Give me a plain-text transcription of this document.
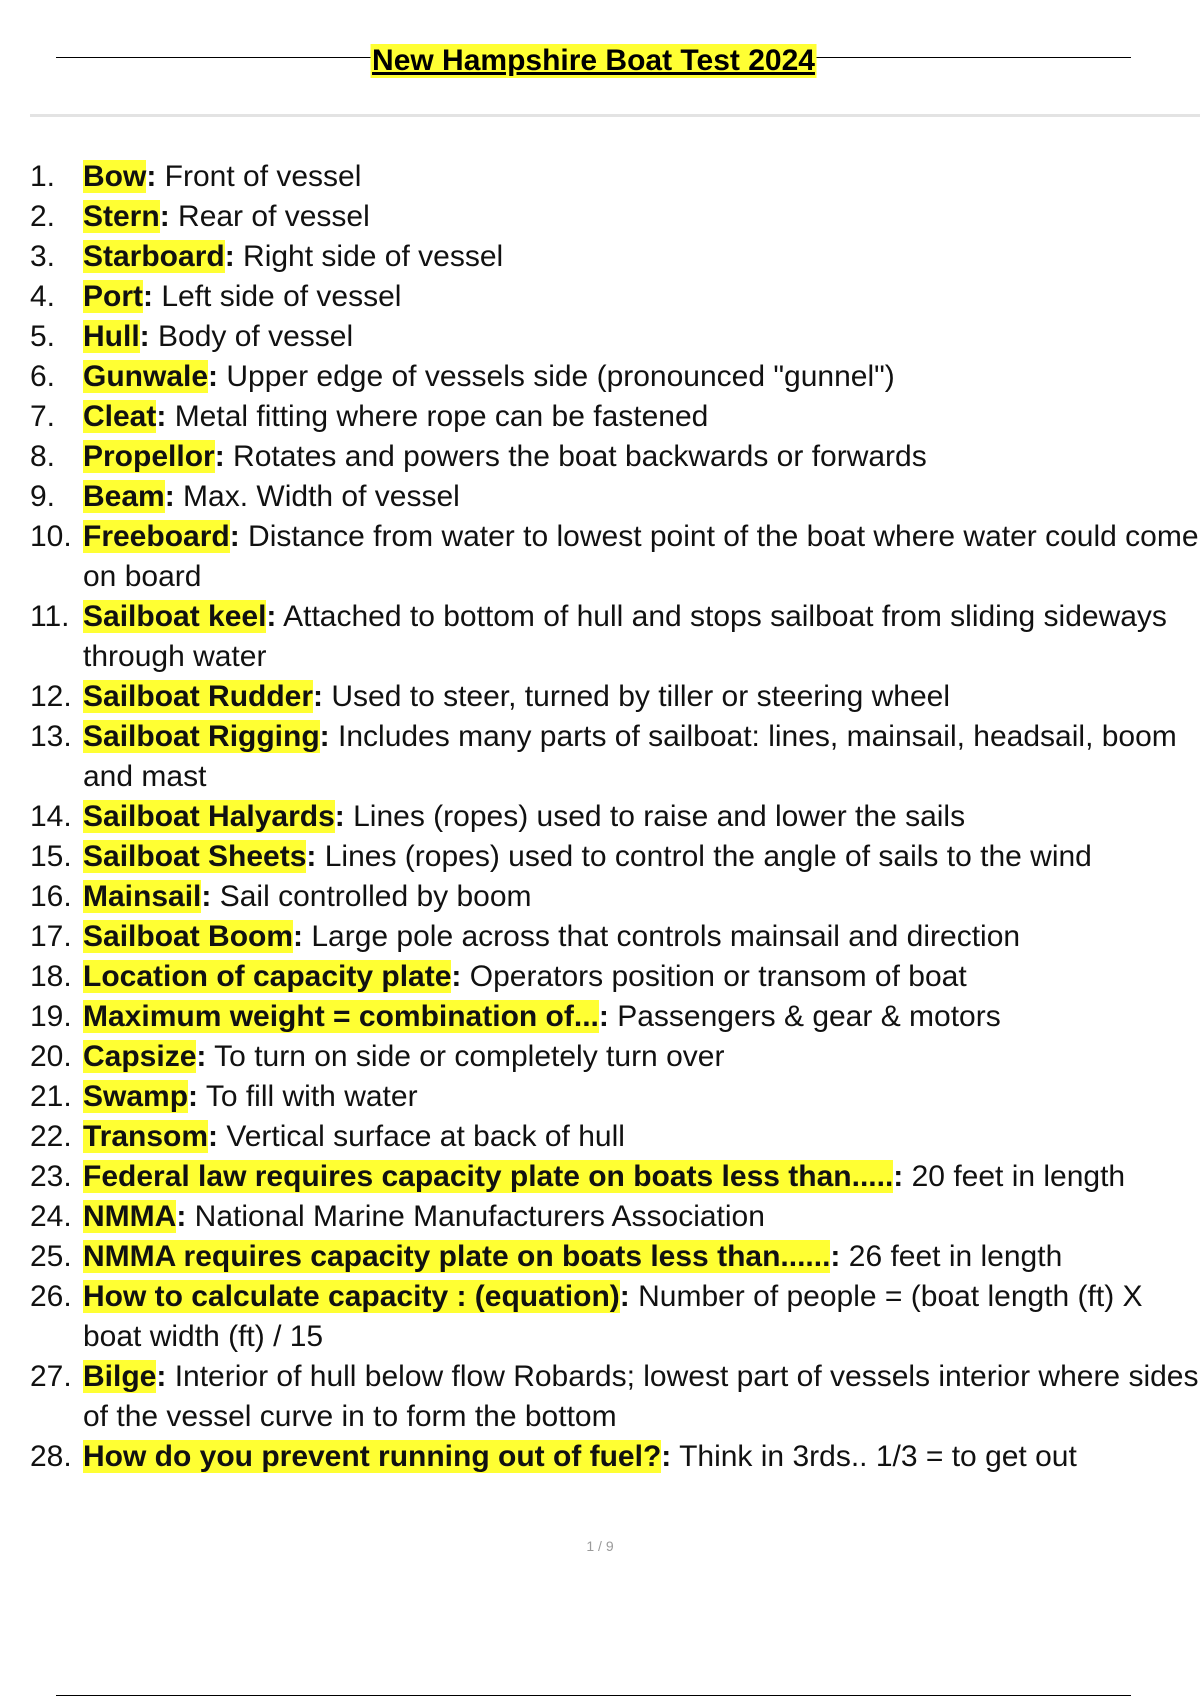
New Hampshire Boat Test 2024
1. Bow: Front of vessel
2. Stern: Rear of vessel
3. Starboard: Right side of vessel
4. Port: Left side of vessel
5. Hull: Body of vessel
6. Gunwale: Upper edge of vessels side (pronounced "gunnel")
7. Cleat: Metal fitting where rope can be fastened
8. Propellor: Rotates and powers the boat backwards or forwards
9. Beam: Max. Width of vessel
10. Freeboard: Distance from water to lowest point of the boat where water could come on board
11. Sailboat keel: Attached to bottom of hull and stops sailboat from sliding sideways through water
12. Sailboat Rudder: Used to steer, turned by tiller or steering wheel
13. Sailboat Rigging: Includes many parts of sailboat: lines, mainsail, headsail, boom and mast
14. Sailboat Halyards: Lines (ropes) used to raise and lower the sails
15. Sailboat Sheets: Lines (ropes) used to control the angle of sails to the wind
16. Mainsail: Sail controlled by boom
17. Sailboat Boom: Large pole across that controls mainsail and direction
18. Location of capacity plate: Operators position or transom of boat
19. Maximum weight = combination of...: Passengers & gear & motors
20. Capsize: To turn on side or completely turn over
21. Swamp: To fill with water
22. Transom: Vertical surface at back of hull
23. Federal law requires capacity plate on boats less than.....: 20 feet in length
24. NMMA: National Marine Manufacturers Association
25. NMMA requires capacity plate on boats less than......: 26 feet in length
26. How to calculate capacity : (equation): Number of people = (boat length (ft) X boat width (ft) / 15
27. Bilge: Interior of hull below flow Robards; lowest part of vessels interior where sides of the vessel curve in to form the bottom
28. How do you prevent running out of fuel?: Think in 3rds.. 1/3 = to get out
1 / 9
